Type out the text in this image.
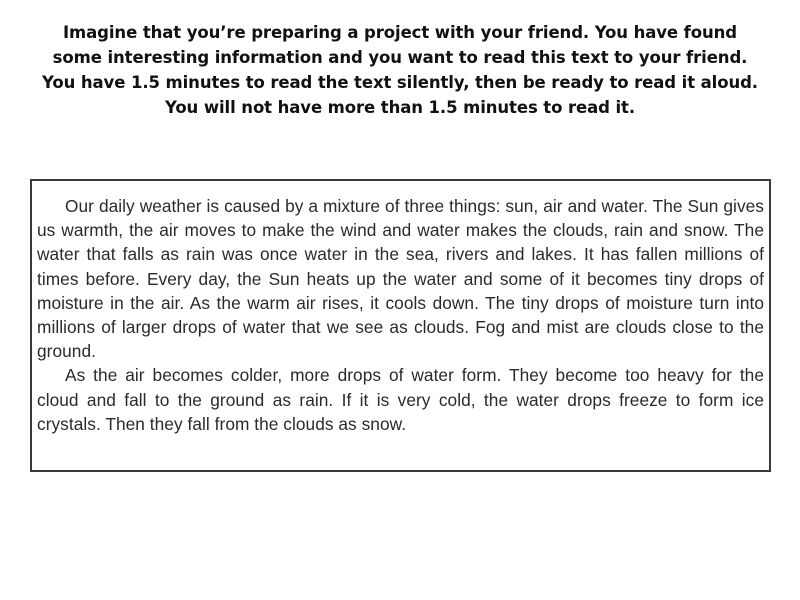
Imagine that you’re preparing a project with your friend. You have found some interesting information and you want to read this text to your friend. You have 1.5 minutes to read the text silently, then be ready to read it aloud. You will not have more than 1.5 minutes to read it.

Our daily weather is caused by a mixture of three things: sun, air and water. The Sun gives us warmth, the air moves to make the wind and water makes the clouds, rain and snow. The water that falls as rain was once water in the sea, rivers and lakes. It has fallen millions of times before. Every day, the Sun heats up the water and some of it becomes tiny drops of moisture in the air. As the warm air rises, it cools down. The tiny drops of moisture turn into millions of larger drops of water that we see as clouds. Fog and mist are clouds close to the ground.

As the air becomes colder, more drops of water form. They become too heavy for the cloud and fall to the ground as rain. If it is very cold, the water drops freeze to form ice crystals. Then they fall from the clouds as snow.
